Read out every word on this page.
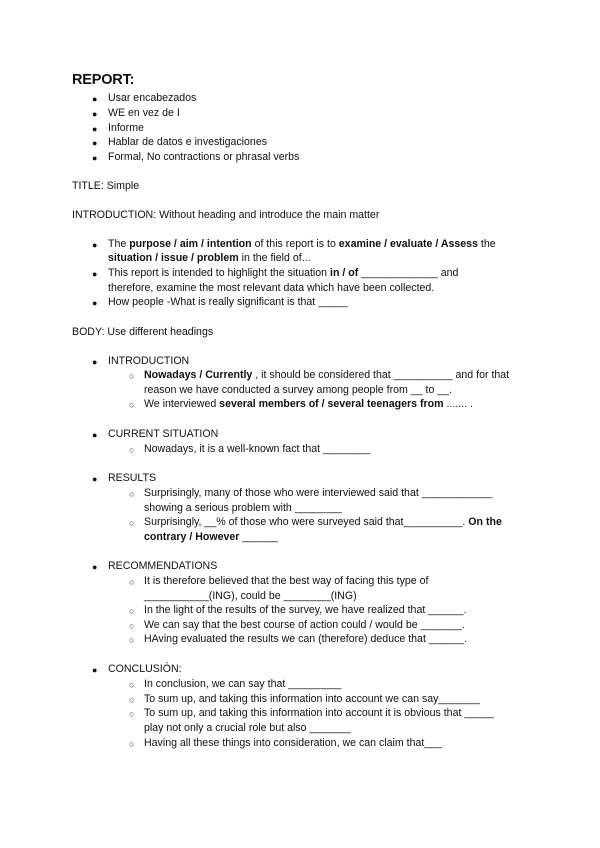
REPORT:
● Usar encabezados
● WE en vez de I
● Informe
● Hablar de datos e investigaciones
● Formal, No contractions or phrasal verbs
TITLE: Simple
INTRODUCTION: Without heading and introduce the main matter
● The purpose / aim / intention of this report is to examine / evaluate / Assess the
situation / issue / problem in the field of...
● This report is intended to highlight the situation in / of _____________ and
therefore, examine the most relevant data which have been collected.
● How people -What is really significant is that _____
BODY: Use different headings
● INTRODUCTION
○ Nowadays / Currently , it should be considered that __________ and for that
reason we have conducted a survey among people from __ to __.
○ We interviewed several members of / several teenagers from ....... .
● CURRENT SITUATION
○ Nowadays, it is a well-known fact that ________
● RESULTS
○ Surprisingly, many of those who were interviewed said that ____________
showing a serious problem with ________
○ Surprisingly, __% of those who were surveyed said that__________. On the
contrary / However ______
● RECOMMENDATIONS
○ It is therefore believed that the best way of facing this type of
___________(ING), could be ________(ING)
○ In the light of the results of the survey, we have realized that ______.
○ We can say that the best course of action could / would be _______.
○ HAving evaluated the results we can (therefore) deduce that ______.
● CONCLUSIÓN:
○ In conclusion, we can say that _________
○ To sum up, and taking this information into account we can say_______
○ To sum up, and taking this information into account it is obvious that _____
play not only a crucial role but also _______
○ Having all these things into consideration, we can claim that___
